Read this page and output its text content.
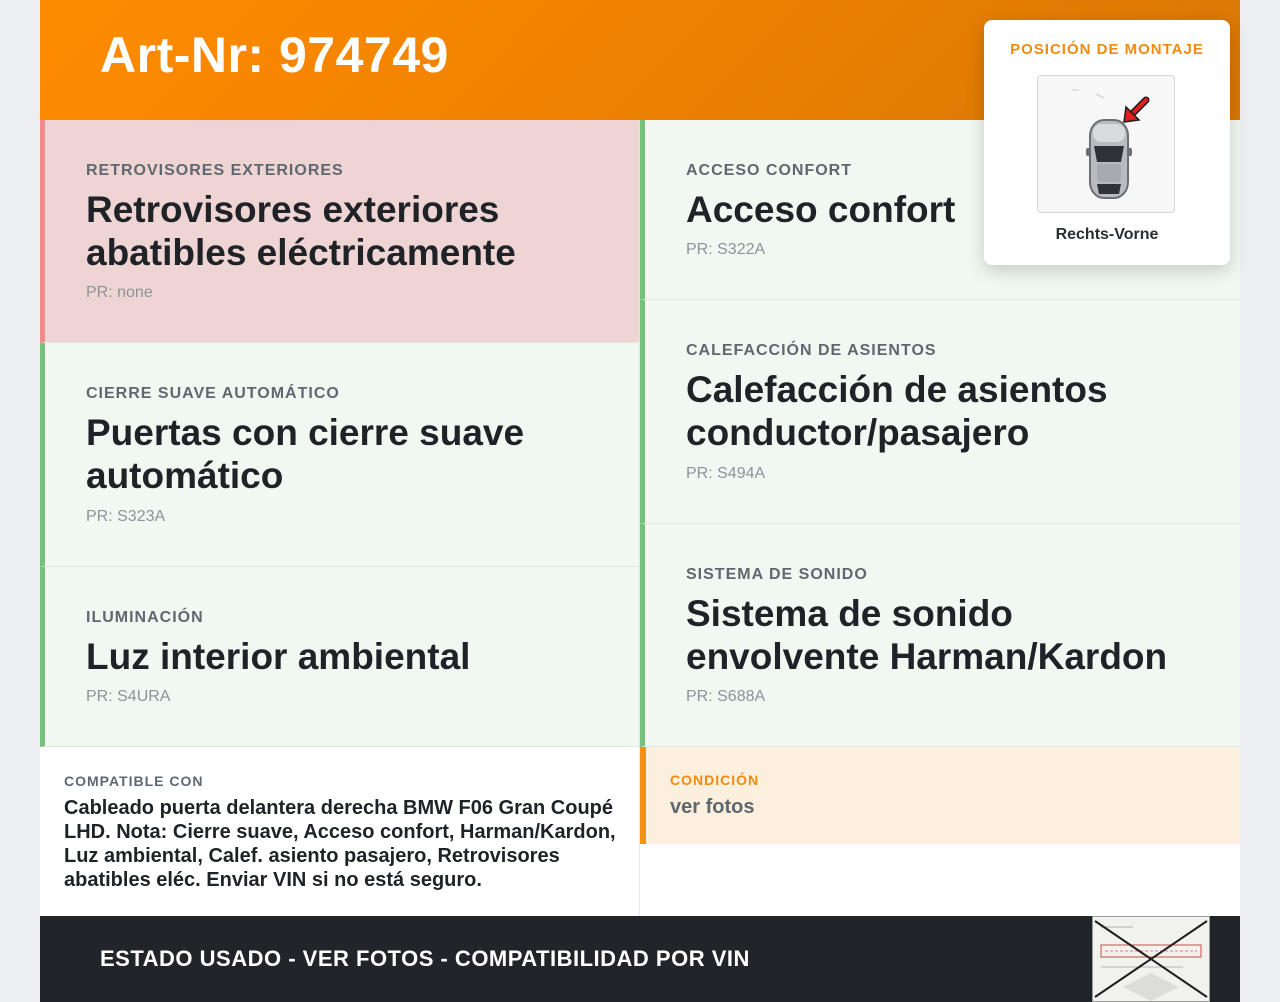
Art-Nr: 974749	POSICIÓN DE MONTAJE
Rechts-Vorne
RETROVISORES EXTERIORES
Retrovisores exteriores abatibles eléctricamente
PR: none
ACCESO CONFORT
Acceso confort
PR: S322A
CIERRE SUAVE AUTOMÁTICO
Puertas con cierre suave automático
PR: S323A
CALEFACCIÓN DE ASIENTOS
Calefacción de asientos conductor/pasajero
PR: S494A
ILUMINACIÓN
Luz interior ambiental
PR: S4URA
SISTEMA DE SONIDO
Sistema de sonido envolvente Harman/Kardon
PR: S688A
COMPATIBLE CON
Cableado puerta delantera derecha BMW F06 Gran Coupé LHD. Nota: Cierre suave, Acceso confort, Harman/Kardon, Luz ambiental, Calef. asiento pasajero, Retrovisores abatibles eléc. Enviar VIN si no está seguro.
CONDICIÓN
ver fotos
ESTADO USADO - VER FOTOS - COMPATIBILIDAD POR VIN
